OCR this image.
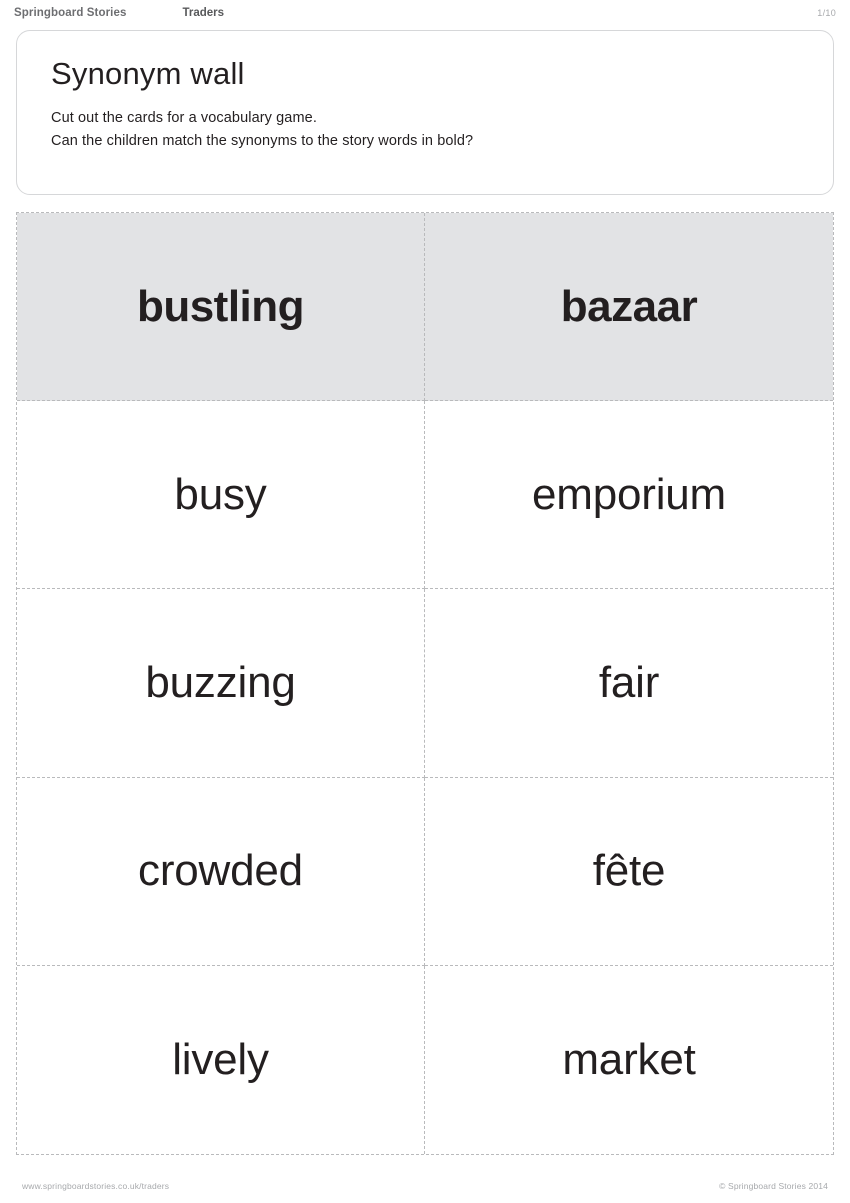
Springboard Stories	Traders	1/10
Synonym wall
Cut out the cards for a vocabulary game.
Can the children match the synonyms to the story words in bold?
bustling	bazaar
busy	emporium
buzzing	fair
crowded	fête
lively	market
www.springboardstories.co.uk/traders	© Springboard Stories 2014
